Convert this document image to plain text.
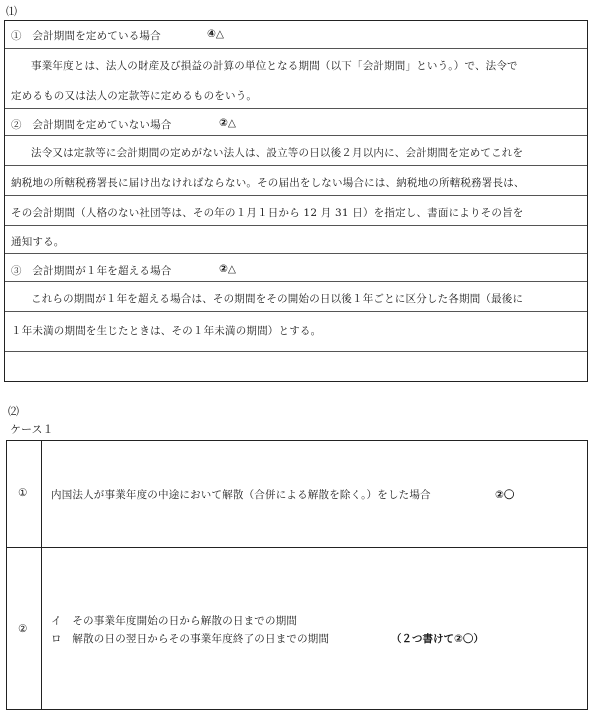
⑴
①　会計期間を定めている場合	④△
事業年度とは、法人の財産及び損益の計算の単位となる期間（以下「会計期間」という。）で、法令で
定めるもの又は法人の定款等に定めるものをいう。
②　会計期間を定めていない場合	②△
法令又は定款等に会計期間の定めがない法人は、設立等の日以後２月以内に、会計期間を定めてこれを
納税地の所轄税務署長に届け出なければならない。その届出をしない場合には、納税地の所轄税務署長は、
その会計期間（人格のない社団等は、その年の１月１日から 12 月 31 日）を指定し、書面によりその旨を
通知する。
③　会計期間が１年を超える場合	②△
これらの期間が１年を超える場合は、その期間をその開始の日以後１年ごとに区分した各期間（最後に
１年未満の期間を生じたときは、その１年未満の期間）とする。
⑵
ケース１
① 内国法人が事業年度の中途において解散（合併による解散を除く。）をした場合	②〇
②
イ　その事業年度開始の日から解散の日までの期間
ロ　解散の日の翌日からその事業年度終了の日までの期間	（２つ書けて②〇）
